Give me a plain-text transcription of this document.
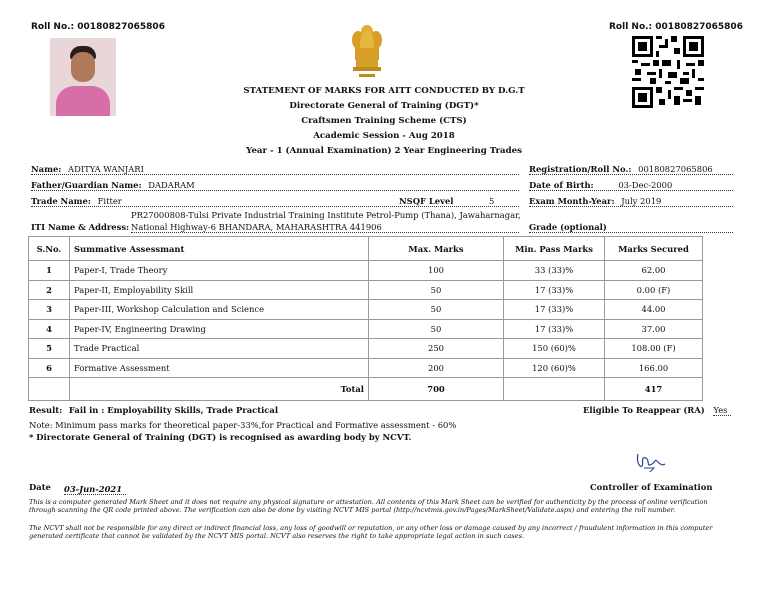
Roll No.: 00180827065806	Roll No.: 00180827065806
STATEMENT OF MARKS FOR AITT CONDUCTED BY D.G.T
Directorate General of Training (DGT)*
Craftsmen Training Scheme (CTS)
Academic Session - Aug 2018
Year - 1 (Annual Examination) 2 Year Engineering Trades
Name: ADITYA WANJARI	Registration/Roll No.: 00180827065806
Father/Guardian Name: DADARAM	Date of Birth:	03-Dec-2000
Trade Name: Fitter	NSQF Level	5	Exam Month-Year: July 2019
ITI Name & Address:
PR27000808-Tulsi Private Industrial Training Institute Petrol-Pump (Thana), Jawaharnagar,
National Highway-6 BHANDARA, MAHARASHTRA 441906	Grade (optional)
S.No.	Summative Assessmant	Max. Marks	Min. Pass Marks	Marks Secured
1	Paper-I, Trade Theory	100	33 (33)%	62.00
2	Paper-II, Employability Skill	50	17 (33)%	0.00 (F)
3	Paper-III, Workshop Calculation and Science	50	17 (33)%	44.00
4	Paper-IV, Engineering Drawing	50	17 (33)%	37.00
5	Trade Practical	250	150 (60)%	108.00 (F)
6	Formative Assessment	200	120 (60)%	166.00
	Total	700		417
Result: Fail in : Employability Skills, Trade Practical	Eligible To Reappear (RA) Yes
Note: Minimum pass marks for theoretical paper-33%,for Practical and Formative assessment - 60%
* Directorate General of Training (DGT) is recognised as awarding body by NCVT.
Date 03-Jun-2021	Controller of Examination
This is a computer generated Mark Sheet and it does not require any physical signature or attestation. All contents of this Mark Sheet can be verified for authenticity by the process of online verification through scanning the QR code printed above. The verification can also be done by visiting NCVT MIS portal (http://ncvtmis.gov.in/Pages/MarkSheet/Validate.aspx) and entering the roll number.
The NCVT shall not be responsible for any direct or indirect financial loss, any loss of goodwill or reputation, or any other loss or damage caused by any incorrect / fraudulent information in this computer generated certificate that cannot be validated by the NCVT MIS portal. NCVT also reserves the right to take appropriate legal action in such cases.
